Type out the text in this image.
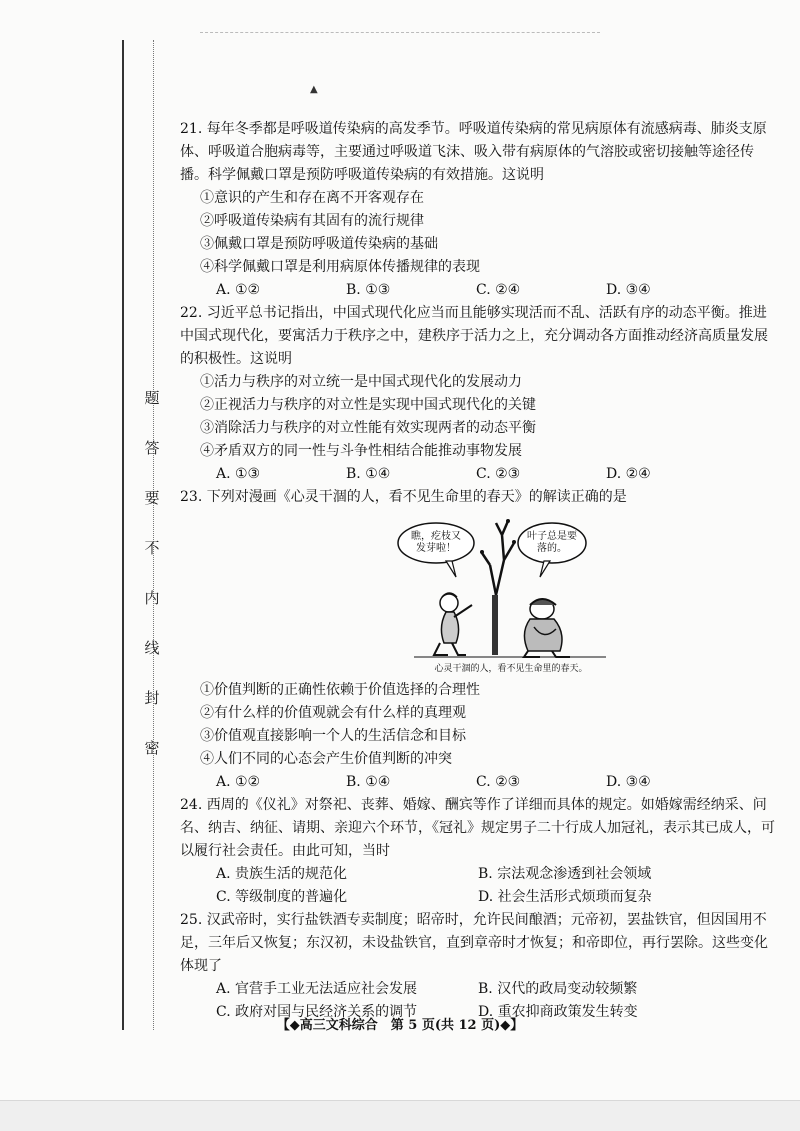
▲
题
答
要
不
内
线
封
密
21. 每年冬季都是呼吸道传染病的高发季节。呼吸道传染病的常见病原体有流感病毒、肺炎支原体、呼吸道合胞病毒等，主要通过呼吸道飞沫、吸入带有病原体的气溶胶或密切接触等途径传播。科学佩戴口罩是预防呼吸道传染病的有效措施。这说明
①意识的产生和存在离不开客观存在
②呼吸道传染病有其固有的流行规律
③佩戴口罩是预防呼吸道传染病的基础
④科学佩戴口罩是利用病原体传播规律的表现
A. ①②	B. ①③	C. ②④	D. ③④
22. 习近平总书记指出，中国式现代化应当而且能够实现活而不乱、活跃有序的动态平衡。推进中国式现代化，要寓活力于秩序之中，建秩序于活力之上，充分调动各方面推动经济高质量发展的积极性。这说明
①活力与秩序的对立统一是中国式现代化的发展动力
②正视活力与秩序的对立性是实现中国式现代化的关键
③消除活力与秩序的对立性能有效实现两者的动态平衡
④矛盾双方的同一性与斗争性相结合能推动事物发展
A. ①③	B. ①④	C. ②③	D. ②④
23. 下列对漫画《心灵干涸的人，看不见生命里的春天》的解读正确的是
瞧，疙枝又发芽啦！
叶子总是要落的。
心灵干涸的人，看不见生命里的春天。
①价值判断的正确性依赖于价值选择的合理性
②有什么样的价值观就会有什么样的真理观
③价值观直接影响一个人的生活信念和目标
④人们不同的心态会产生价值判断的冲突
A. ①②	B. ①④	C. ②③	D. ③④
24. 西周的《仪礼》对祭祀、丧葬、婚嫁、酬宾等作了详细而具体的规定。如婚嫁需经纳采、问名、纳吉、纳征、请期、亲迎六个环节，《冠礼》规定男子二十行成人加冠礼，表示其已成人，可以履行社会责任。由此可知，当时
A. 贵族生活的规范化	B. 宗法观念渗透到社会领域
C. 等级制度的普遍化	D. 社会生活形式烦琐而复杂
25. 汉武帝时，实行盐铁酒专卖制度；昭帝时，允许民间酿酒；元帝初，罢盐铁官，但因国用不足，三年后又恢复；东汉初，未设盐铁官，直到章帝时才恢复；和帝即位，再行罢除。这些变化体现了
A. 官营手工业无法适应社会发展	B. 汉代的政局变动较频繁
C. 政府对国与民经济关系的调节	D. 重农抑商政策发生转变
【◆高三文科综合　第 5 页(共 12 页)◆】
